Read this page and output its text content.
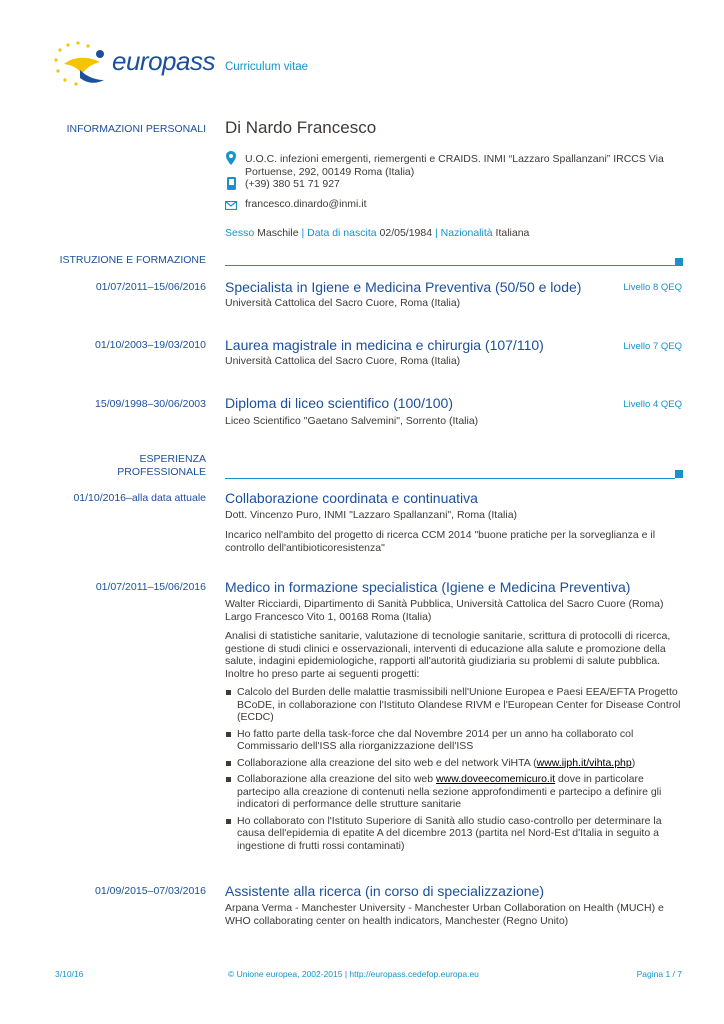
europass Curriculum vitae
INFORMAZIONI PERSONALI Di Nardo Francesco
U.O.C. infezioni emergenti, riemergenti e CRAIDS. INMI “Lazzaro Spallanzani” IRCCS Via Portuense, 292, 00149 Roma (Italia)
(+39) 380 51 71 927
francesco.dinardo@inmi.it
Sesso Maschile | Data di nascita 02/05/1984 | Nazionalità Italiana
ISTRUZIONE E FORMAZIONE
01/07/2011–15/06/2016 Specialista in Igiene e Medicina Preventiva (50/50 e lode)	Livello 8 QEQ
Università Cattolica del Sacro Cuore, Roma (Italia)
01/10/2003–19/03/2010 Laurea magistrale in medicina e chirurgia (107/110)	Livello 7 QEQ
Università Cattolica del Sacro Cuore, Roma (Italia)
15/09/1998–30/06/2003 Diploma di liceo scientifico (100/100)	Livello 4 QEQ
Liceo Scientifico "Gaetano Salvemini", Sorrento (Italia)
ESPERIENZA
PROFESSIONALE
01/10/2016–alla data attuale Collaborazione coordinata e continuativa
Dott. Vincenzo Puro, INMI "Lazzaro Spallanzani", Roma (Italia)
Incarico nell'ambito del progetto di ricerca CCM 2014 "buone pratiche per la sorveglianza e il controllo dell'antibioticoresistenza"
01/07/2011–15/06/2016 Medico in formazione specialistica (Igiene e Medicina Preventiva)
Walter Ricciardi, Dipartimento di Sanità Pubblica, Università Cattolica del Sacro Cuore (Roma) Largo Francesco Vito 1, 00168 Roma (Italia)
Analisi di statistiche sanitarie, valutazione di tecnologie sanitarie, scrittura di protocolli di ricerca, gestione di studi clinici e osservazionali, interventi di educazione alla salute e promozione della salute, indagini epidemiologiche, rapporti all'autorità giudiziaria su problemi di salute pubblica. Inoltre ho preso parte ai seguenti progetti:
Calcolo del Burden delle malattie trasmissibili nell'Unione Europea e Paesi EEA/EFTA Progetto BCoDE, in collaborazione con l'Istituto Olandese RIVM e l'European Center for Disease Control (ECDC)
Ho fatto parte della task-force che dal Novembre 2014 per un anno ha collaborato col Commissario dell'ISS alla riorganizzazione dell'ISS
Collaborazione alla creazione del sito web e del network ViHTA (www.ijph.it/vihta.php)
Collaborazione alla creazione del sito web www.doveecomemicuro.it dove in particolare partecipo alla creazione di contenuti nella sezione approfondimenti e partecipo a definire gli indicatori di performance delle strutture sanitarie
Ho collaborato con l'Istituto Superiore di Sanità allo studio caso-controllo per determinare la causa dell'epidemia di epatite A del dicembre 2013 (partita nel Nord-Est d'Italia in seguito a ingestione di frutti rossi contaminati)
01/09/2015–07/03/2016 Assistente alla ricerca (in corso di specializzazione)
Arpana Verma - Manchester University - Manchester Urban Collaboration on Health (MUCH) e WHO collaborating center on health indicators, Manchester (Regno Unito)
3/10/16	© Unione europea, 2002-2015 | http://europass.cedefop.europa.eu	Pagina 1 / 7
